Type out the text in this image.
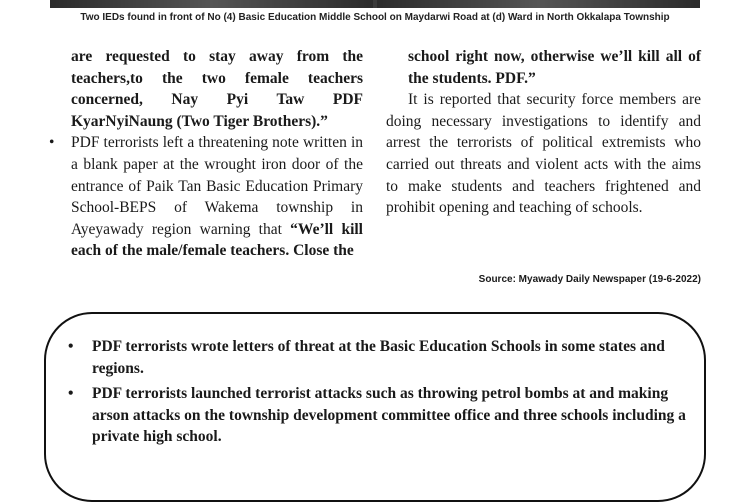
Two IEDs found in front of No (4) Basic Education Middle School on Maydarwi Road at (d) Ward in North Okkalapa Township

are requested to stay away from the teachers,to the two female teachers concerned, Nay Pyi Taw PDF KyarNyiNaung (Two Tiger Brothers).”

• PDF terrorists left a threatening note written in a blank paper at the wrought iron door of the entrance of Paik Tan Basic Education Primary School-BEPS of Wakema township in Ayeyawady region warning that “We’ll kill each of the male/female teachers. Close the

school right now, otherwise we’ll kill all of the students. PDF.”

It is reported that security force members are doing necessary investigations to identify and arrest the terrorists of political extremists who carried out threats and violent acts with the aims to make students and teachers frightened and prohibit opening and teaching of schools.

Source: Myawady Daily Newspaper (19-6-2022)
• PDF terrorists wrote letters of threat at the Basic Education Schools in some states and regions.
• PDF terrorists launched terrorist attacks such as throwing petrol bombs at and making arson attacks on the township development committee office and three schools including a private high school.
